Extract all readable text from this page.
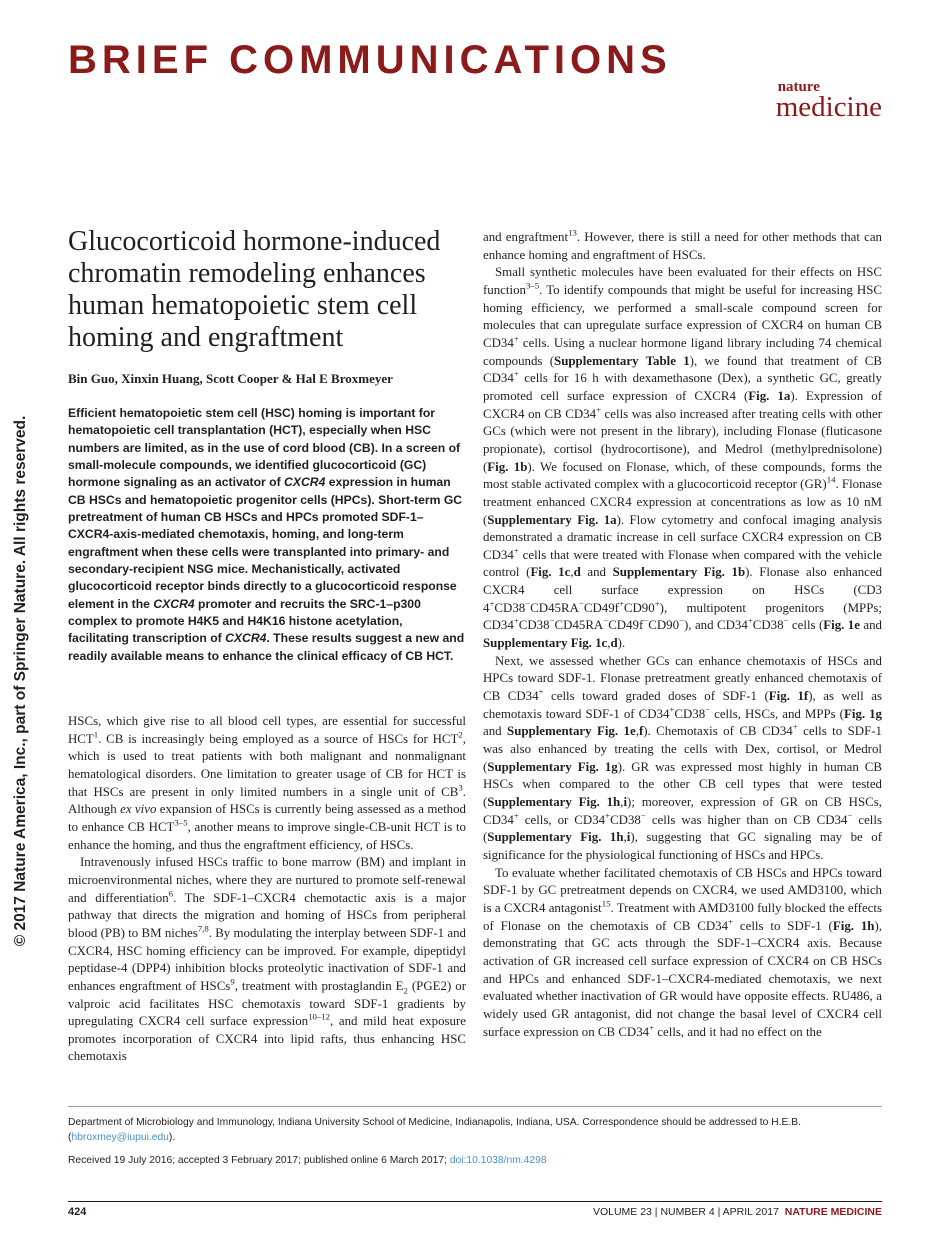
BRIEF COMMUNICATIONS
nature
medicine
© 2017 Nature America, Inc., part of Springer Nature. All rights reserved.
Glucocorticoid hormone-induced chromatin remodeling enhances human hematopoietic stem cell homing and engraftment
Bin Guo, Xinxin Huang, Scott Cooper & Hal E Broxmeyer

Efficient hematopoietic stem cell (HSC) homing is important for hematopoietic cell transplantation (HCT), especially when HSC numbers are limited, as in the use of cord blood (CB). In a screen of small-molecule compounds, we identified glucocorticoid (GC) hormone signaling as an activator of CXCR4 expression in human CB HSCs and hematopoietic progenitor cells (HPCs). Short-term GC pretreatment of human CB HSCs and HPCs promoted SDF-1–CXCR4-axis-mediated chemotaxis, homing, and long-term engraftment when these cells were transplanted into primary- and secondary-recipient NSG mice. Mechanistically, activated glucocorticoid receptor binds directly to a glucocorticoid response element in the CXCR4 promoter and recruits the SRC-1–p300 complex to promote H4K5 and H4K16 histone acetylation, facilitating transcription of CXCR4. These results suggest a new and readily available means to enhance the clinical efficacy of CB HCT.

HSCs, which give rise to all blood cell types, are essential for successful HCT$^1$. CB is increasingly being employed as a source of HSCs for HCT$^2$, which is used to treat patients with both malignant and nonmalignant hematological disorders. One limitation to greater usage of CB for HCT is that HSCs are present in only limited numbers in a single unit of $CB^3$. Although ex vivo expansion of HSCs is currently being assessed as a method to enhance CB HCT$^{3-5}$, another means to improve single-CB-unit HCT is to enhance the homing, and thus the engraftment efficiency, of HSCs.

Intravenously infused HSCs traffic to bone marrow (BM) and implant in microenvironmental niches, where they are nurtured to promote self-renewal and differentiation$^6$. The SDF-1–CXCR4 chemotactic axis is a major pathway that directs the migration and homing of HSCs from peripheral blood (PB) to BM niches$^{7,8}$. By modulating the interplay between SDF-1 and CXCR4, HSC homing efficiency can be improved. For example, dipeptidyl peptidase-4 (DPP4) inhibition blocks proteolytic inactivation of SDF-1 and enhances engraftment of HSCs$^9$, treatment with prostaglandin $E_2$ (PGE2) or valproic acid facilitates HSC chemotaxis toward SDF-1 gradients by upregulating CXCR4 cell surface expression$^{10-12}$, and mild heat exposure promotes incorporation of CXCR4 into lipid rafts, thus enhancing HSC chemotaxis

and engraftment$^{13}$. However, there is still a need for other methods that can enhance homing and engraftment of HSCs.

Small synthetic molecules have been evaluated for their effects on HSC function$^{3-5}$. To identify compounds that might be useful for increasing HSC homing efficiency, we performed a small-scale compound screen for molecules that can upregulate surface expression of CXCR4 on human CB CD34+ cells. Using a nuclear hormone ligand library including 74 chemical compounds (Supplementary Table 1), we found that treatment of CB CD34+ cells for 16 h with dexamethasone (Dex), a synthetic GC, greatly promoted cell surface expression of CXCR4 (Fig. 1a). Expression of CXCR4 on CB CD34+ cells was also increased after treating cells with other GCs (which were not present in the library), including Flonase (fluticasone propionate), cortisol (hydrocortisone), and Medrol (methylprednisolone) (Fig. 1b). We focused on Flonase, which, of these compounds, forms the most stable activated complex with a glucocorticoid receptor (GR)$^{14}$. Flonase treatment enhanced CXCR4 expression at concentrations as low as 10 nM (Supplementary Fig. 1a). Flow cytometry and confocal imaging analysis demonstrated a dramatic increase in cell surface CXCR4 expression on CB CD34+ cells that were treated with Flonase when compared with the vehicle control (Fig. 1c,d and Supplementary Fig. 1b). Flonase also enhanced CXCR4 cell surface expression on HSCs (CD3 4+CD38−CD45RA−CD49f+CD90+), multipotent progenitors (MPPs; CD34+CD38−CD45RA−CD49f−CD90−), and CD34+CD38− cells (Fig. 1e and Supplementary Fig. 1c,d).

Next, we assessed whether GCs can enhance chemotaxis of HSCs and HPCs toward SDF-1. Flonase pretreatment greatly enhanced chemotaxis of CB CD34+ cells toward graded doses of SDF-1 (Fig. 1f), as well as chemotaxis toward SDF-1 of CD34+CD38− cells, HSCs, and MPPs (Fig. 1g and Supplementary Fig. 1e,f). Chemotaxis of CB CD34+ cells to SDF-1 was also enhanced by treating the cells with Dex, cortisol, or Medrol (Supplementary Fig. 1g). GR was expressed most highly in human CB HSCs when compared to the other CB cell types that were tested (Supplementary Fig. 1h,i); moreover, expression of GR on CB HSCs, CD34+ cells, or CD34+CD38− cells was higher than on CB CD34− cells (Supplementary Fig. 1h,i), suggesting that GC signaling may be of significance for the physiological functioning of HSCs and HPCs.

To evaluate whether facilitated chemotaxis of CB HSCs and HPCs toward SDF-1 by GC pretreatment depends on CXCR4, we used AMD3100, which is a CXCR4 antagonist$^{15}$. Treatment with AMD3100 fully blocked the effects of Flonase on the chemotaxis of CB CD34+ cells to SDF-1 (Fig. 1h), demonstrating that GC acts through the SDF-1–CXCR4 axis. Because activation of GR increased cell surface expression of CXCR4 on CB HSCs and HPCs and enhanced SDF-1–CXCR4-mediated chemotaxis, we next evaluated whether inactivation of GR would have opposite effects. RU486, a widely used GR antagonist, did not change the basal level of CXCR4 cell surface expression on CB CD34+ cells, and it had no effect on the

Department of Microbiology and Immunology, Indiana University School of Medicine, Indianapolis, Indiana, USA. Correspondence should be addressed to H.E.B. (hbroxmey@iupui.edu).
Received 19 July 2016; accepted 3 February 2017; published online 6 March 2017; doi:10.1038/nm.4298
424	VOLUME 23 | NUMBER 4 | APRIL 2017 NATURE MEDICINE
